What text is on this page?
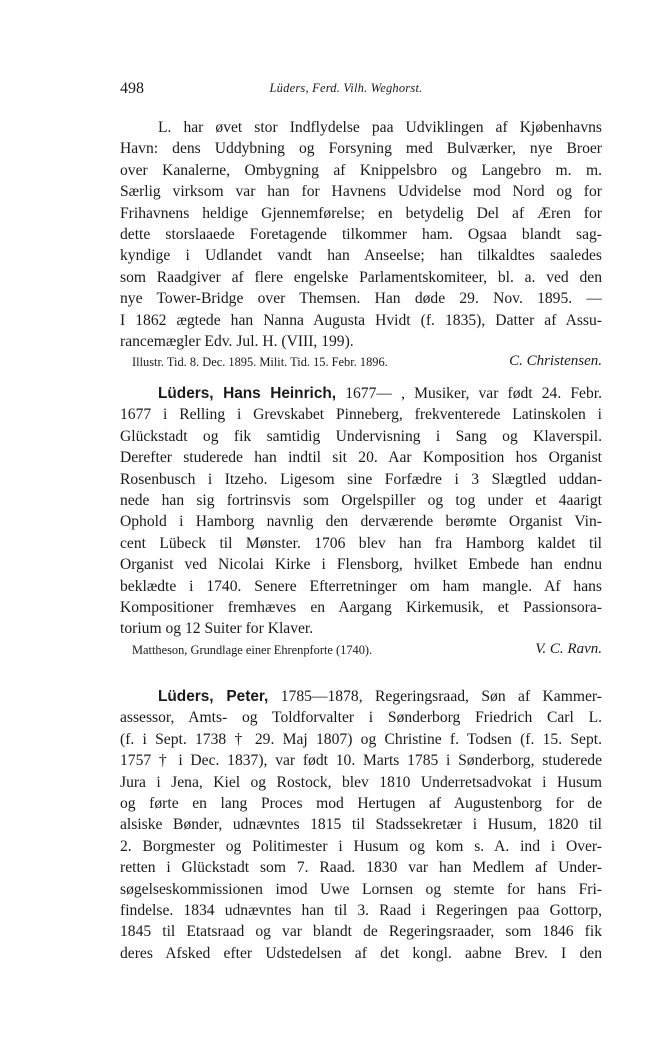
498	Lüders, Ferd. Vilh. Weghorst.
L. har øvet stor Indflydelse paa Udviklingen af Kjøbenhavns
Havn: dens Uddybning og Forsyning med Bulværker, nye Broer
over Kanalerne, Ombygning af Knippelsbro og Langebro m. m.
Særlig virksom var han for Havnens Udvidelse mod Nord og for
Frihavnens heldige Gjennemførelse; en betydelig Del af Æren for
dette storslaaede Foretagende tilkommer ham. Ogsaa blandt sag-
kyndige i Udlandet vandt han Anseelse; han tilkaldtes saaledes
som Raadgiver af flere engelske Parlamentskomiteer, bl. a. ved den
nye Tower-Bridge over Themsen. Han døde 29. Nov. 1895. —
I 1862 ægtede han Nanna Augusta Hvidt (f. 1835), Datter af Assu-
rancemægler Edv. Jul. H. (VIII, 199).
Illustr. Tid. 8. Dec. 1895. Milit. Tid. 15. Febr. 1896.	C. Christensen.
Lüders, Hans Heinrich, 1677— , Musiker, var født 24. Febr.
1677 i Relling i Grevskabet Pinneberg, frekventerede Latinskolen i
Glückstadt og fik samtidig Undervisning i Sang og Klaverspil.
Derefter studerede han indtil sit 20. Aar Komposition hos Organist
Rosenbusch i Itzeho. Ligesom sine Forfædre i 3 Slægtled uddan-
nede han sig fortrinsvis som Orgelspiller og tog under et 4aarigt
Ophold i Hamborg navnlig den derværende berømte Organist Vin-
cent Lübeck til Mønster. 1706 blev han fra Hamborg kaldet til
Organist ved Nicolai Kirke i Flensborg, hvilket Embede han endnu
beklædte i 1740. Senere Efterretninger om ham mangle. Af hans
Kompositioner fremhæves en Aargang Kirkemusik, et Passionsora-
torium og 12 Suiter for Klaver.
Mattheson, Grundlage einer Ehrenpforte (1740).	V. C. Ravn.
Lüders, Peter, 1785—1878, Regeringsraad, Søn af Kammer-
assessor, Amts- og Toldforvalter i Sønderborg Friedrich Carl L.
(f. i Sept. 1738 † 29. Maj 1807) og Christine f. Todsen (f. 15. Sept.
1757 † i Dec. 1837), var født 10. Marts 1785 i Sønderborg, studerede
Jura i Jena, Kiel og Rostock, blev 1810 Underretsadvokat i Husum
og førte en lang Proces mod Hertugen af Augustenborg for de
alsiske Bønder, udnævntes 1815 til Stadssekretær i Husum, 1820 til
2. Borgmester og Politimester i Husum og kom s. A. ind i Over-
retten i Glückstadt som 7. Raad. 1830 var han Medlem af Under-
søgelseskommissionen imod Uwe Lornsen og stemte for hans Fri-
findelse. 1834 udnævntes han til 3. Raad i Regeringen paa Gottorp,
1845 til Etatsraad og var blandt de Regeringsraader, som 1846 fik
deres Afsked efter Udstedelsen af det kongl. aabne Brev. I den
